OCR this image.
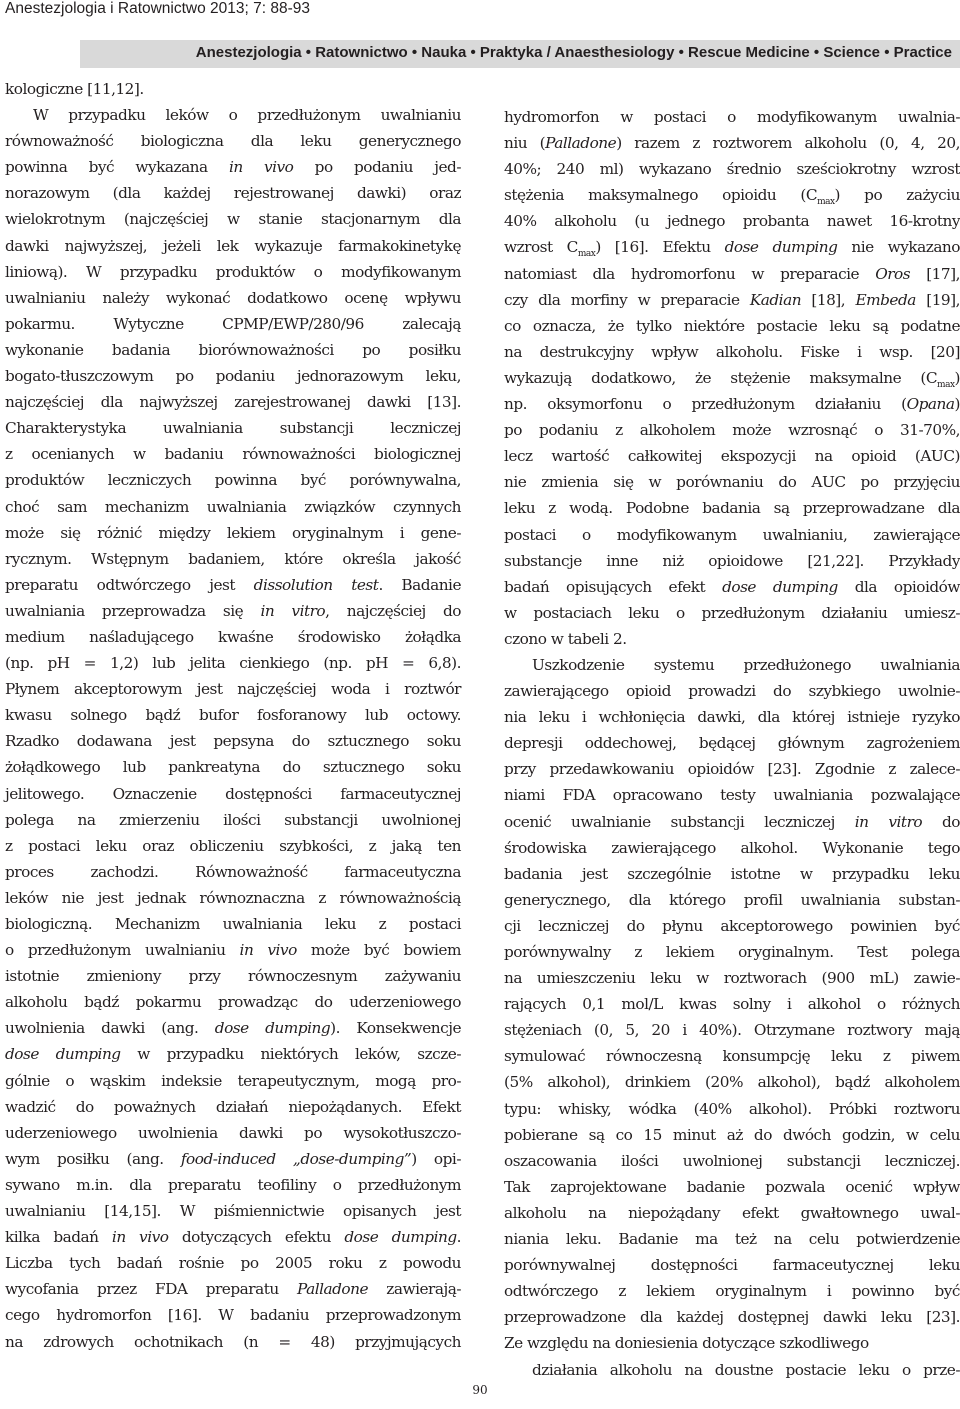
Anestezjologia i Ratownictwo 2013; 7: 88-93
Anestezjologia • Ratownictwo • Nauka • Praktyka / Anaesthesiology • Rescue Medicine • Science • Practice
kologiczne [11,12].
W przypadku leków o przedłużonym uwalnianiu
równoważność biologiczna dla leku generycznego
powinna być wykazana in vivo po podaniu jed-
norazowym (dla każdej rejestrowanej dawki) oraz
wielokrotnym (najczęściej w stanie stacjonarnym dla
dawki najwyższej, jeżeli lek wykazuje farmakokinetykę
liniową). W przypadku produktów o modyfikowanym
uwalnianiu należy wykonać dodatkowo ocenę wpływu
pokarmu. Wytyczne CPMP/EWP/280/96 zalecają
wykonanie badania biorównoważności po posiłku
bogato-tłuszczowym po podaniu jednorazowym leku,
najczęściej dla najwyższej zarejestrowanej dawki [13].
Charakterystyka uwalniania substancji leczniczej
z ocenianych w badaniu równoważności biologicznej
produktów leczniczych powinna być porównywalna,
choć sam mechanizm uwalniania związków czynnych
może się różnić między lekiem oryginalnym i gene-
rycznym. Wstępnym badaniem, które określa jakość
preparatu odtwórczego jest dissolution test. Badanie
uwalniania przeprowadza się in vitro, najczęściej do
medium naśladującego kwaśne środowisko żołądka
(np. pH = 1,2) lub jelita cienkiego (np. pH = 6,8).
Płynem akceptorowym jest najczęściej woda i roztwór
kwasu solnego bądź bufor fosforanowy lub octowy.
Rzadko dodawana jest pepsyna do sztucznego soku
żołądkowego lub pankreatyna do sztucznego soku
jelitowego. Oznaczenie dostępności farmaceutycznej
polega na zmierzeniu ilości substancji uwolnionej
z postaci leku oraz obliczeniu szybkości, z jaką ten
proces zachodzi. Równoważność farmaceutyczna
leków nie jest jednak równoznaczna z równoważnością
biologiczną. Mechanizm uwalniania leku z postaci
o przedłużonym uwalnianiu in vivo może być bowiem
istotnie zmieniony przy równoczesnym zażywaniu
alkoholu bądź pokarmu prowadząc do uderzeniowego
uwolnienia dawki (ang. dose dumping). Konsekwencje
dose dumping w przypadku niektórych leków, szcze-
gólnie o wąskim indeksie terapeutycznym, mogą pro-
wadzić do poważnych działań niepożądanych. Efekt
uderzeniowego uwolnienia dawki po wysokotłuszczo-
wym posiłku (ang. food-induced „dose-dumping”) opi-
sywano m.in. dla preparatu teofiliny o przedłużonym
uwalnianiu [14,15]. W piśmiennictwie opisanych jest
kilka badań in vivo dotyczących efektu dose dumping.
Liczba tych badań rośnie po 2005 roku z powodu
wycofania przez FDA preparatu Palladone zawierają-
cego hydromorfon [16]. W badaniu przeprowadzonym
na zdrowych ochotnikach (n = 48) przyjmujących
hydromorfon w postaci o modyfikowanym uwalnia-
niu (Palladone) razem z roztworem alkoholu (0, 4, 20,
40%; 240 ml) wykazano średnio sześciokrotny wzrost
stężenia maksymalnego opioidu $(C_{max})$ po zażyciu
40% alkoholu (u jednego probanta nawet 16-krotny
wzrost $C_{max}$) [16]. Efektu dose dumping nie wykazano
natomiast dla hydromorfonu w preparacie Oros [17],
czy dla morfiny w preparacie Kadian [18], Embeda [19],
co oznacza, że tylko niektóre postacie leku są podatne
na destrukcyjny wpływ alkoholu. Fiske i wsp. [20]
wykazują dodatkowo, że stężenie maksymalne $(C_{max})$
np. oksymorfonu o przedłużonym działaniu (Opana)
po podaniu z alkoholem może wzrosnąć o 31-70%,
lecz wartość całkowitej ekspozycji na opioid (AUC)
nie zmienia się w porównaniu do AUC po przyjęciu
leku z wodą. Podobne badania są przeprowadzane dla
postaci o modyfikowanym uwalnianiu, zawierające
substancje inne niż opioidowe [21,22]. Przykłady
badań opisujących efekt dose dumping dla opioidów
w postaciach leku o przedłużonym działaniu umiesz-
czono w tabeli 2.
Uszkodzenie systemu przedłużonego uwalniania
zawierającego opioid prowadzi do szybkiego uwolnie-
nia leku i wchłonięcia dawki, dla której istnieje ryzyko
depresji oddechowej, będącej głównym zagrożeniem
przy przedawkowaniu opioidów [23]. Zgodnie z zalece-
niami FDA opracowano testy uwalniania pozwalające
ocenić uwalnianie substancji leczniczej in vitro do
środowiska zawierającego alkohol. Wykonanie tego
badania jest szczególnie istotne w przypadku leku
generycznego, dla którego profil uwalniania substan-
cji leczniczej do płynu akceptorowego powinien być
porównywalny z lekiem oryginalnym. Test polega
na umieszczeniu leku w roztworach (900 mL) zawie-
rających 0,1 mol/L kwas solny i alkohol o różnych
stężeniach (0, 5, 20 i 40%). Otrzymane roztwory mają
symulować równoczesną konsumpcję leku z piwem
(5% alkohol), drinkiem (20% alkohol), bądź alkoholem
typu: whisky, wódka (40% alkohol). Próbki roztworu
pobierane są co 15 minut aż do dwóch godzin, w celu
oszacowania ilości uwolnionej substancji leczniczej.
Tak zaprojektowane badanie pozwala ocenić wpływ
alkoholu na niepożądany efekt gwałtownego uwal-
niania leku. Badanie ma też na celu potwierdzenie
porównywalnej dostępności farmaceutycznej leku
odtwórczego z lekiem oryginalnym i powinno być
przeprowadzone dla każdej dostępnej dawki leku [23].
Ze względu na doniesienia dotyczące szkodliwego
działania alkoholu na doustne postacie leku o prze-
90
